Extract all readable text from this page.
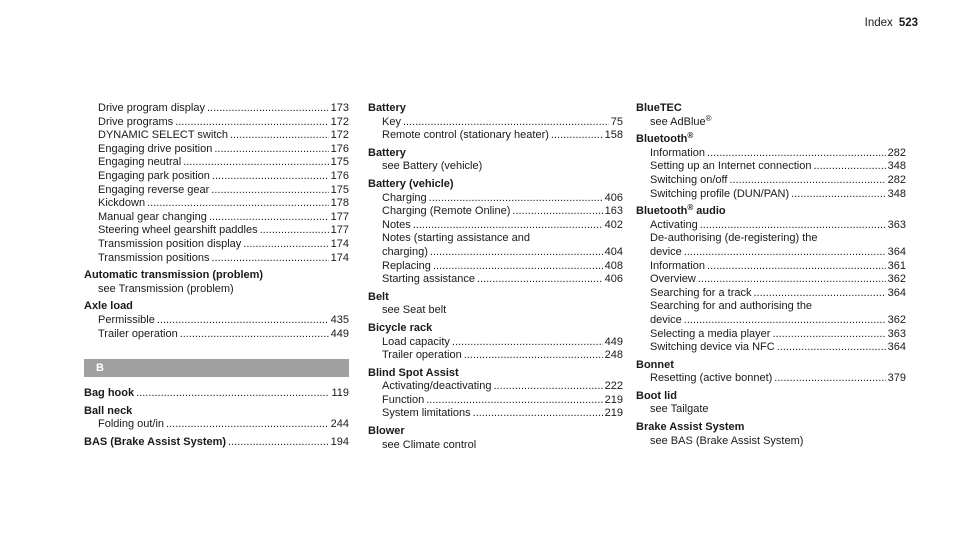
Index 523
Drive program display .....	173
Drive programs .....	172
DYNAMIC SELECT switch .....	172
Engaging drive position .....	176
Engaging neutral .....	175
Engaging park position .....	176
Engaging reverse gear .....	175
Kickdown .....	178
Manual gear changing .....	177
Steering wheel gearshift paddles .....	177
Transmission position display .....	174
Transmission positions .....	174
Automatic transmission (problem)
see Transmission (problem)
Axle load
Permissible .....	435
Trailer operation .....	449
B
Bag hook .....	119
Ball neck
Folding out/in .....	244
BAS (Brake Assist System) .....	194
Battery
Key .....	75
Remote control (stationary heater) .....	158
Battery
see Battery (vehicle)
Battery (vehicle)
Charging .....	406
Charging (Remote Online) .....	163
Notes .....	402
Notes (starting assistance and
charging) .....	404
Replacing .....	408
Starting assistance .....	406
Belt
see Seat belt
Bicycle rack
Load capacity .....	449
Trailer operation .....	248
Blind Spot Assist
Activating/deactivating .....	222
Function .....	219
System limitations .....	219
Blower
see Climate control
BlueTEC
see AdBlue®
Bluetooth®
Information .....	282
Setting up an Internet connection .....	348
Switching on/off .....	282
Switching profile (DUN/PAN) .....	348
Bluetooth® audio
Activating .....	363
De-authorising (de-registering) the
device .....	364
Information .....	361
Overview .....	362
Searching for a track .....	364
Searching for and authorising the
device .....	362
Selecting a media player .....	363
Switching device via NFC .....	364
Bonnet
Resetting (active bonnet) .....	379
Boot lid
see Tailgate
Brake Assist System
see BAS (Brake Assist System)
